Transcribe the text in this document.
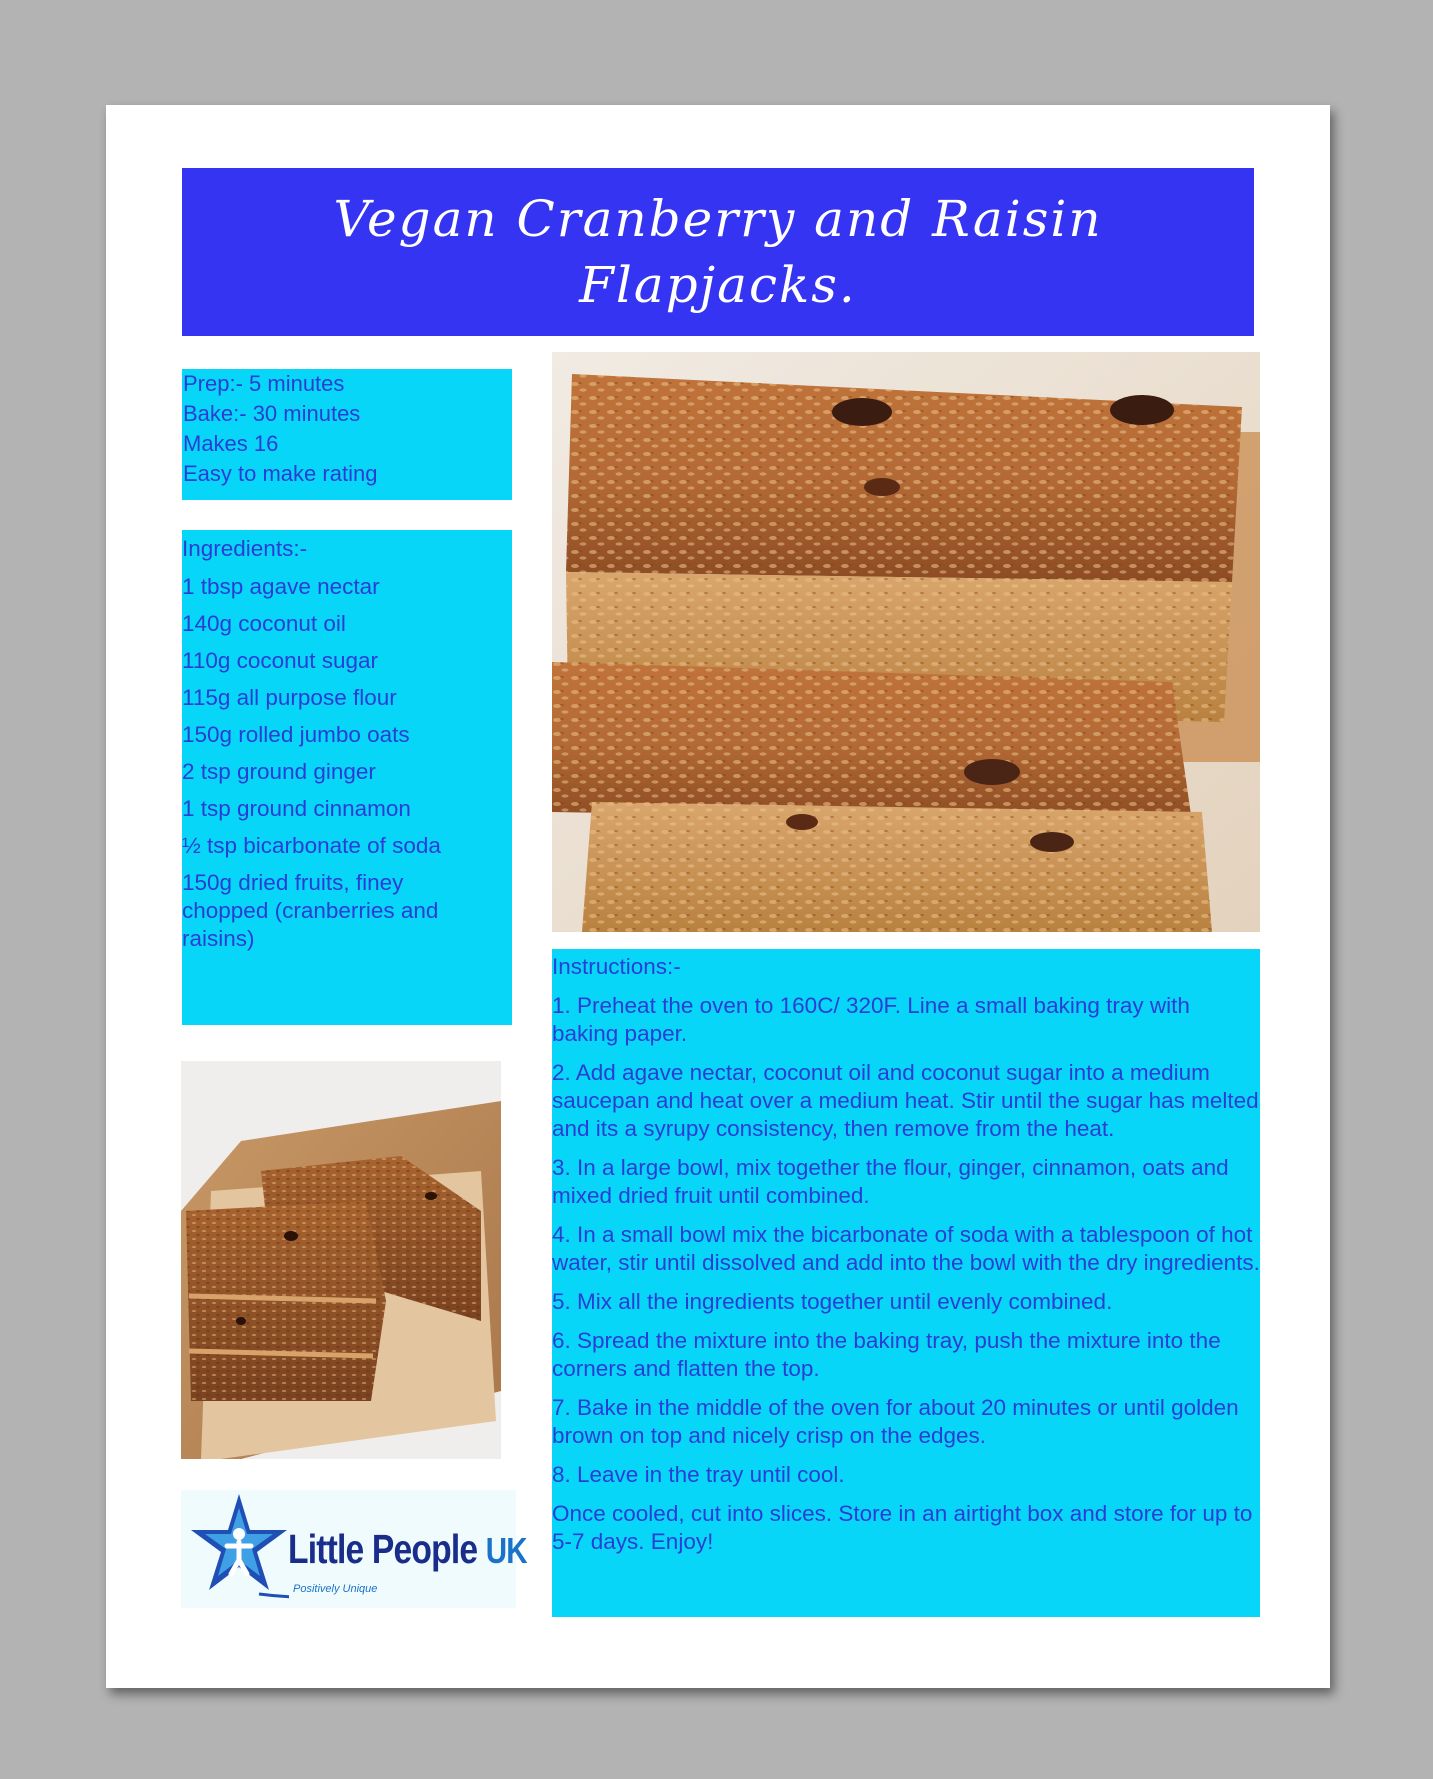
Vegan Cranberry and Raisin
Flapjacks.
Prep:- 5 minutes
Bake:- 30 minutes
Makes 16
Easy to make rating
Ingredients:-
1 tbsp agave nectar
140g coconut oil
110g coconut sugar
115g all purpose flour
150g rolled jumbo oats
2 tsp ground ginger
1 tsp ground cinnamon
½ tsp bicarbonate of soda
150g dried fruits, finey chopped (cranberries and raisins)
Instructions:-
1. Preheat the oven to 160C/ 320F. Line a small baking tray with baking paper.
2. Add agave nectar, coconut oil and coconut sugar into a medium saucepan and heat over a medium heat. Stir until the sugar has melted and its a syrupy consistency, then remove from the heat.
3. In a large bowl, mix together the flour, ginger, cinnamon, oats and mixed dried fruit until combined.
4. In a small bowl mix the bicarbonate of soda with a tablespoon of hot water, stir until dissolved and add into the bowl with the dry ingredients.
5. Mix all the ingredients together until evenly combined.
6. Spread the mixture into the baking tray, push the mixture into the corners and flatten the top.
7. Bake in the middle of the oven for about 20 minutes or until golden brown on top and nicely crisp on the edges.
8. Leave in the tray until cool.
Once cooled, cut into slices. Store in an airtight box and store for up to 5-7 days. Enjoy!
Little People UK
Positively Unique
